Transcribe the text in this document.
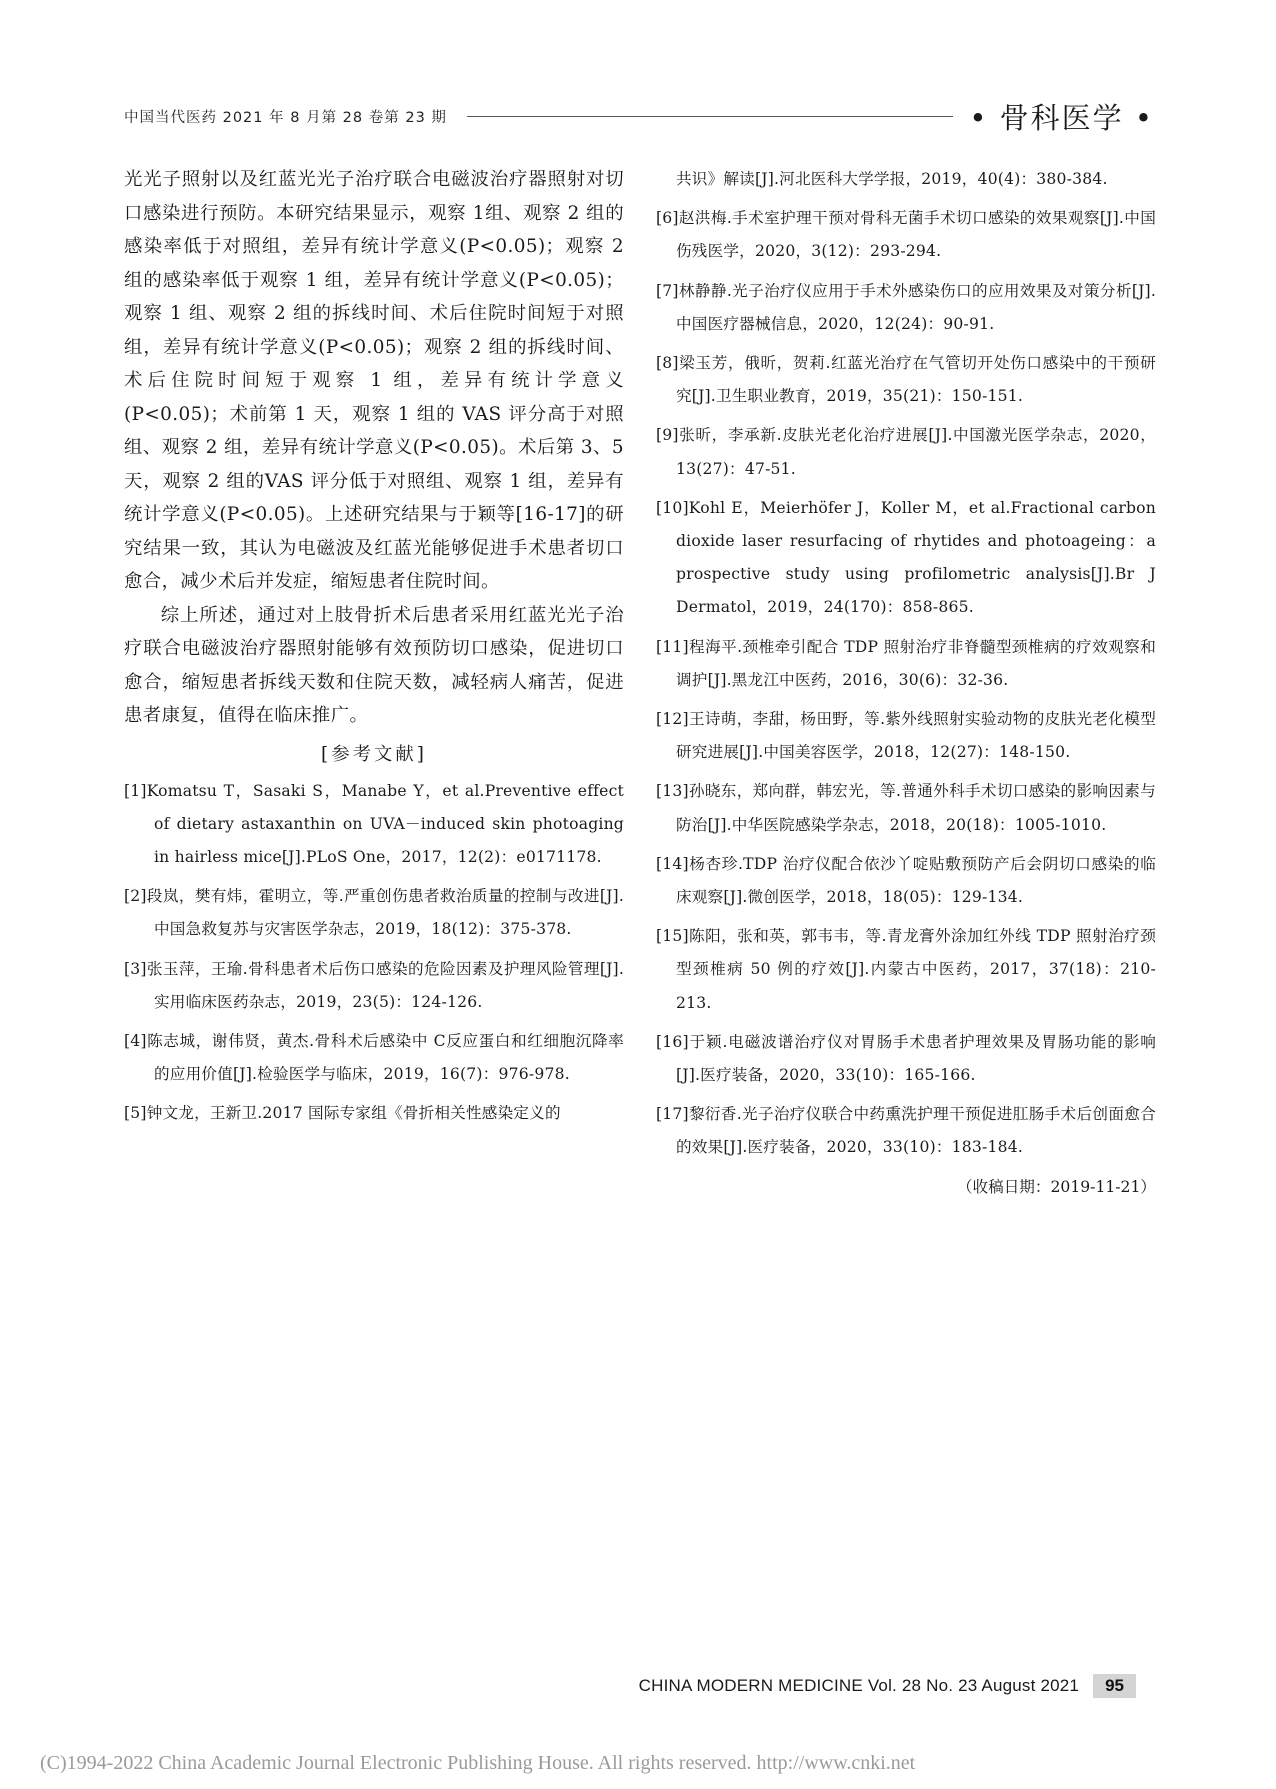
中国当代医药 2021 年 8 月第 28 卷第 23 期	• 骨科医学 •

光光子照射以及红蓝光光子治疗联合电磁波治疗器照射对切口感染进行预防。本研究结果显示，观察 1组、观察 2 组的感染率低于对照组，差异有统计学意义(P<0.05)；观察 2 组的感染率低于观察 1 组，差异有统计学意义(P<0.05)；观察 1 组、观察 2 组的拆线时间、术后住院时间短于对照组，差异有统计学意义(P<0.05)；观察 2 组的拆线时间、术后住院时间短于观察 1 组，差异有统计学意义(P<0.05)；术前第 1 天，观察 1 组的 VAS 评分高于对照组、观察 2 组，差异有统计学意义(P<0.05)。术后第 3、5 天，观察 2 组的VAS 评分低于对照组、观察 1 组，差异有统计学意义(P<0.05)。上述研究结果与于颖等[16-17]的研究结果一致，其认为电磁波及红蓝光能够促进手术患者切口愈合，减少术后并发症，缩短患者住院时间。

综上所述，通过对上肢骨折术后患者采用红蓝光光子治疗联合电磁波治疗器照射能够有效预防切口感染，促进切口愈合，缩短患者拆线天数和住院天数，减轻病人痛苦，促进患者康复，值得在临床推广。

[参考文献]

[1]Komatsu T，Sasaki S，Manabe Y，et al.Preventive effect of dietary astaxanthin on UVA－induced skin photoaging in hairless mice[J].PLoS One，2017，12(2)：e0171178.

[2]段岚，樊有炜，霍明立，等.严重创伤患者救治质量的控制与改进[J].中国急救复苏与灾害医学杂志，2019，18(12)：375-378.

[3]张玉萍，王瑜.骨科患者术后伤口感染的危险因素及护理风险管理[J].实用临床医药杂志，2019，23(5)：124-126.

[4]陈志城，谢伟贤，黄杰.骨科术后感染中 C反应蛋白和红细胞沉降率的应用价值[J].检验医学与临床，2019，16(7)：976-978.

[5]钟文龙，王新卫.2017 国际专家组《骨折相关性感染定义的

共识》解读[J].河北医科大学学报，2019，40(4)：380-384.

[6]赵洪梅.手术室护理干预对骨科无菌手术切口感染的效果观察[J].中国伤残医学，2020，3(12)：293-294.

[7]林静静.光子治疗仪应用于手术外感染伤口的应用效果及对策分析[J].中国医疗器械信息，2020，12(24)：90-91.

[8]梁玉芳，俄昕，贺莉.红蓝光治疗在气管切开处伤口感染中的干预研究[J].卫生职业教育，2019，35(21)：150-151.

[9]张昕，李承新.皮肤光老化治疗进展[J].中国激光医学杂志，2020，13(27)：47-51.

[10]Kohl E，Meierhöfer J，Koller M，et al.Fractional carbon dioxide laser resurfacing of rhytides and photoageing：a prospective study using profilometric analysis[J].Br J Dermatol，2019，24(170)：858-865.

[11]程海平.颈椎牵引配合 TDP 照射治疗非脊髓型颈椎病的疗效观察和调护[J].黑龙江中医药，2016，30(6)：32-36.

[12]王诗萌，李甜，杨田野，等.紫外线照射实验动物的皮肤光老化模型研究进展[J].中国美容医学，2018，12(27)：148-150.

[13]孙晓东，郑向群，韩宏光，等.普通外科手术切口感染的影响因素与防治[J].中华医院感染学杂志，2018，20(18)：1005-1010.

[14]杨杏珍.TDP 治疗仪配合依沙丫啶贴敷预防产后会阴切口感染的临床观察[J].微创医学，2018，18(05)：129-134.

[15]陈阳，张和英，郭韦韦，等.青龙膏外涂加红外线 TDP 照射治疗颈型颈椎病 50 例的疗效[J].内蒙古中医药，2017，37(18)：210-213.

[16]于颖.电磁波谱治疗仪对胃肠手术患者护理效果及胃肠功能的影响[J].医疗装备，2020，33(10)：165-166.

[17]黎衍香.光子治疗仪联合中药熏洗护理干预促进肛肠手术后创面愈合的效果[J].医疗装备，2020，33(10)：183-184.

（收稿日期：2019-11-21）
CHINA MODERN MEDICINE Vol. 28 No. 23 August 2021	95
(C)1994-2022 China Academic Journal Electronic Publishing House. All rights reserved. http://www.cnki.net
